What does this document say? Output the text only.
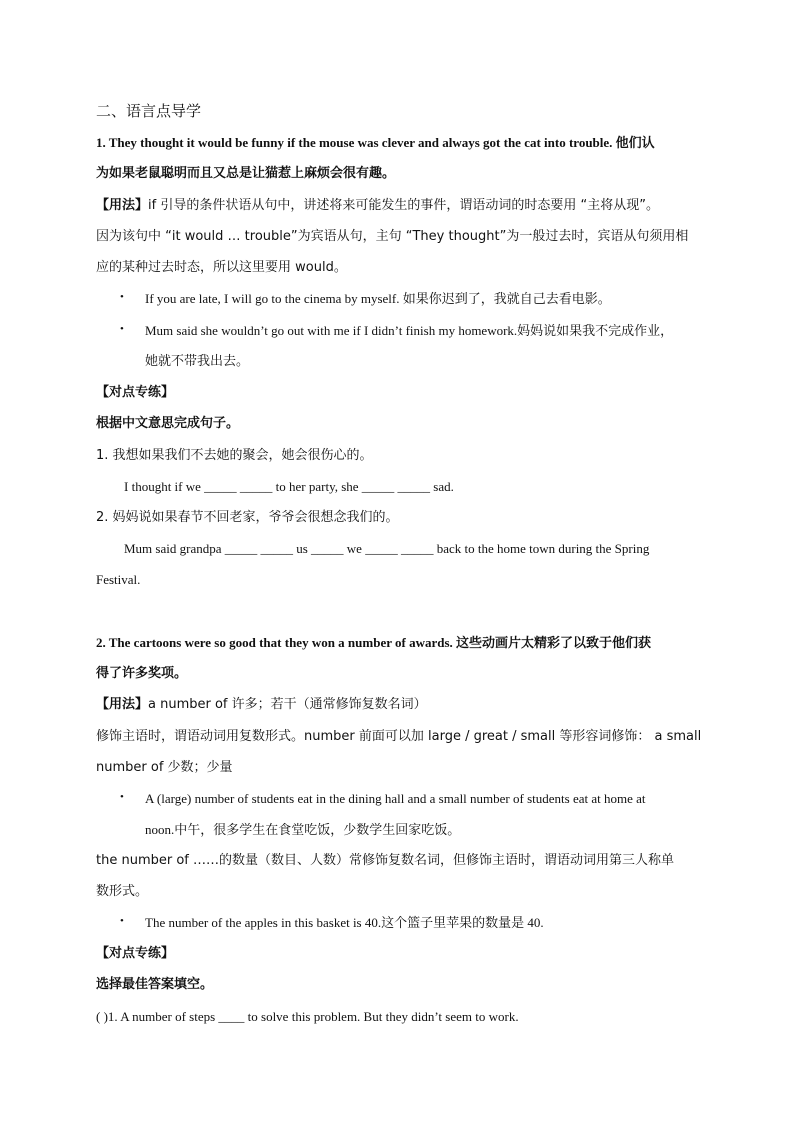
二、语言点导学
1. They thought it would be funny if the mouse was clever and always got the cat into trouble. 他们认
为如果老鼠聪明而且又总是让猫惹上麻烦会很有趣。
【用法】if 引导的条件状语从句中，讲述将来可能发生的事件，谓语动词的时态要用 “主将从现”。
因为该句中 “it would … trouble”为宾语从句，主句 “They thought”为一般过去时，宾语从句须用相
应的某种过去时态，所以这里要用 would。
• If you are late, I will go to the cinema by myself. 如果你迟到了，我就自己去看电影。
• Mum said she wouldn’t go out with me if I didn’t finish my homework.妈妈说如果我不完成作业，
她就不带我出去。
【对点专练】
根据中文意思完成句子。
1. 我想如果我们不去她的聚会，她会很伤心的。
I thought if we _____ _____ to her party, she _____ _____ sad.
2. 妈妈说如果春节不回老家，爷爷会很想念我们的。
Mum said grandpa _____ _____ us _____ we _____ _____ back to the home town during the Spring
Festival.
2. The cartoons were so good that they won a number of awards. 这些动画片太精彩了以致于他们获
得了许多奖项。
【用法】a number of 许多；若干（通常修饰复数名词）
修饰主语时，谓语动词用复数形式。number 前面可以加 large / great / small 等形容词修饰： a small
number of 少数；少量
• A (large) number of students eat in the dining hall and a small number of students eat at home at
noon.中午，很多学生在食堂吃饭，少数学生回家吃饭。
the number of ……的数量（数目、人数）常修饰复数名词，但修饰主语时，谓语动词用第三人称单
数形式。
• The number of the apples in this basket is 40.这个篮子里苹果的数量是 40.
【对点专练】
选择最佳答案填空。
( )1. A number of steps ____ to solve this problem. But they didn’t seem to work.
